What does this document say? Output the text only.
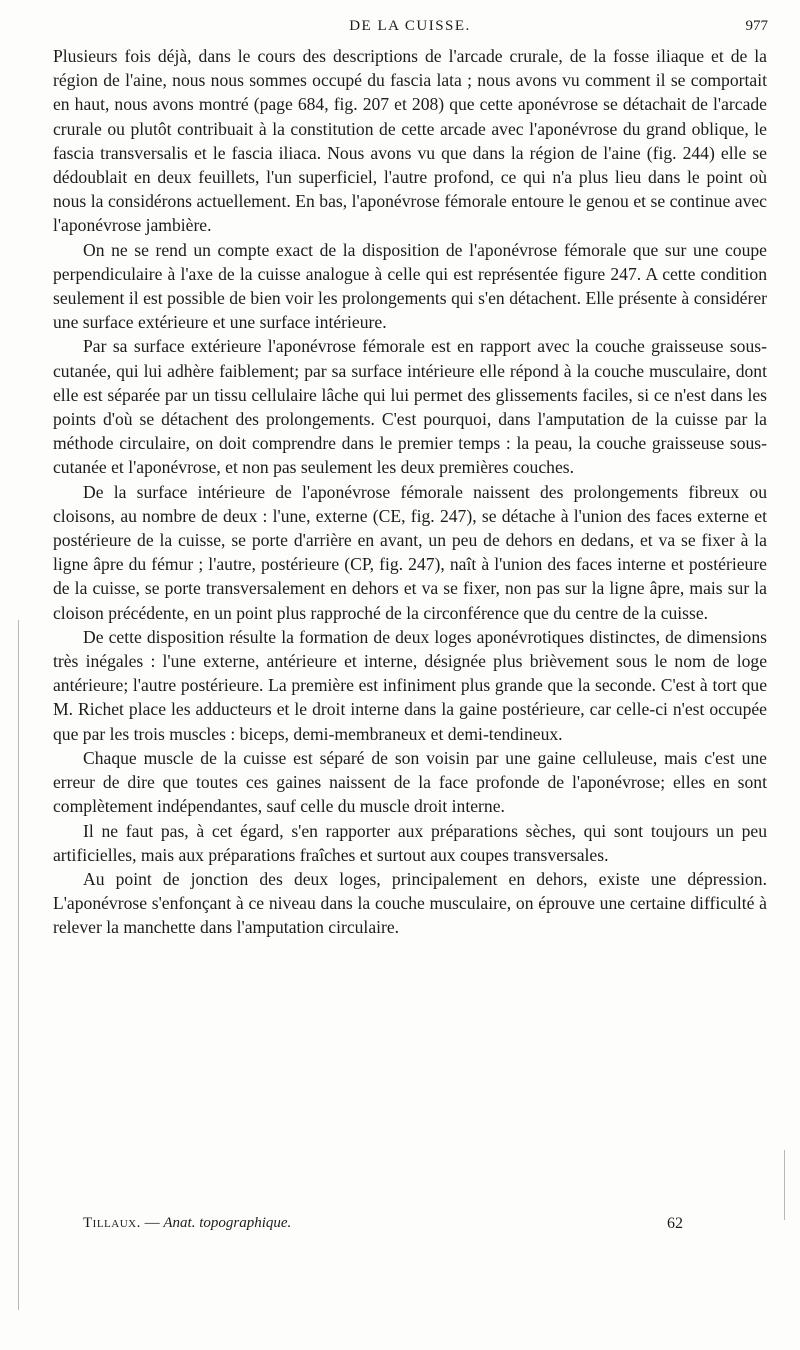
DE LA CUISSE.	977

Plusieurs fois déjà, dans le cours des descriptions de l'arcade crurale, de la fosse iliaque et de la région de l'aine, nous nous sommes occupé du fascia lata ; nous avons vu comment il se comportait en haut, nous avons montré (page 684, fig. 207 et 208) que cette aponévrose se détachait de l'arcade crurale ou plutôt contribuait à la constitution de cette arcade avec l'aponévrose du grand oblique, le fascia transversalis et le fascia iliaca. Nous avons vu que dans la région de l'aine (fig. 244) elle se dédoublait en deux feuillets, l'un superficiel, l'autre profond, ce qui n'a plus lieu dans le point où nous la considérons actuellement. En bas, l'aponévrose fémorale entoure le genou et se continue avec l'aponévrose jambière.

On ne se rend un compte exact de la disposition de l'aponévrose fémorale que sur une coupe perpendiculaire à l'axe de la cuisse analogue à celle qui est représentée figure 247. A cette condition seulement il est possible de bien voir les prolongements qui s'en détachent. Elle présente à considérer une surface extérieure et une surface intérieure.

Par sa surface extérieure l'aponévrose fémorale est en rapport avec la couche graisseuse sous-cutanée, qui lui adhère faiblement; par sa surface intérieure elle répond à la couche musculaire, dont elle est séparée par un tissu cellulaire lâche qui lui permet des glissements faciles, si ce n'est dans les points d'où se détachent des prolongements. C'est pourquoi, dans l'amputation de la cuisse par la méthode circulaire, on doit comprendre dans le premier temps : la peau, la couche graisseuse sous-cutanée et l'aponévrose, et non pas seulement les deux premières couches.

De la surface intérieure de l'aponévrose fémorale naissent des prolongements fibreux ou cloisons, au nombre de deux : l'une, externe (CE, fig. 247), se détache à l'union des faces externe et postérieure de la cuisse, se porte d'arrière en avant, un peu de dehors en dedans, et va se fixer à la ligne âpre du fémur ; l'autre, postérieure (CP, fig. 247), naît à l'union des faces interne et postérieure de la cuisse, se porte transversalement en dehors et va se fixer, non pas sur la ligne âpre, mais sur la cloison précédente, en un point plus rapproché de la circonférence que du centre de la cuisse.

De cette disposition résulte la formation de deux loges aponévrotiques distinctes, de dimensions très inégales : l'une externe, antérieure et interne, désignée plus brièvement sous le nom de loge antérieure; l'autre postérieure. La première est infiniment plus grande que la seconde. C'est à tort que M. Richet place les adducteurs et le droit interne dans la gaine postérieure, car celle-ci n'est occupée que par les trois muscles : biceps, demi-membraneux et demi-tendineux.

Chaque muscle de la cuisse est séparé de son voisin par une gaine celluleuse, mais c'est une erreur de dire que toutes ces gaines naissent de la face profonde de l'aponévrose; elles en sont complètement indépendantes, sauf celle du muscle droit interne.

Il ne faut pas, à cet égard, s'en rapporter aux préparations sèches, qui sont toujours un peu artificielles, mais aux préparations fraîches et surtout aux coupes transversales.

Au point de jonction des deux loges, principalement en dehors, existe une dépression. L'aponévrose s'enfonçant à ce niveau dans la couche musculaire, on éprouve une certaine difficulté à relever la manchette dans l'amputation circulaire.

Tillaux. — Anat. topographique.	62
